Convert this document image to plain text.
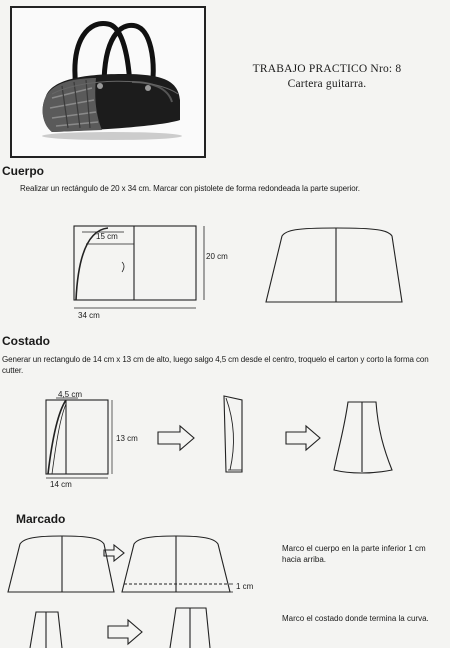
TRABAJO PRACTICO Nro: 8
Cartera guitarra.
Cuerpo
Realizar un rectángulo de 20 x 34 cm. Marcar con pistolete de forma redondeada la parte superior.
15 cm
20 cm
34 cm
Costado
Generar un rectangulo de 14 cm x 13 cm de alto, luego salgo 4,5 cm desde el centro, troquelo el carton y corto la forma con cutter.
4,5 cm
13 cm
14 cm
Marcado
1 cm
Marco el cuerpo en la parte inferior 1 cm hacia arriba.
Marco el costado donde termina la curva.
